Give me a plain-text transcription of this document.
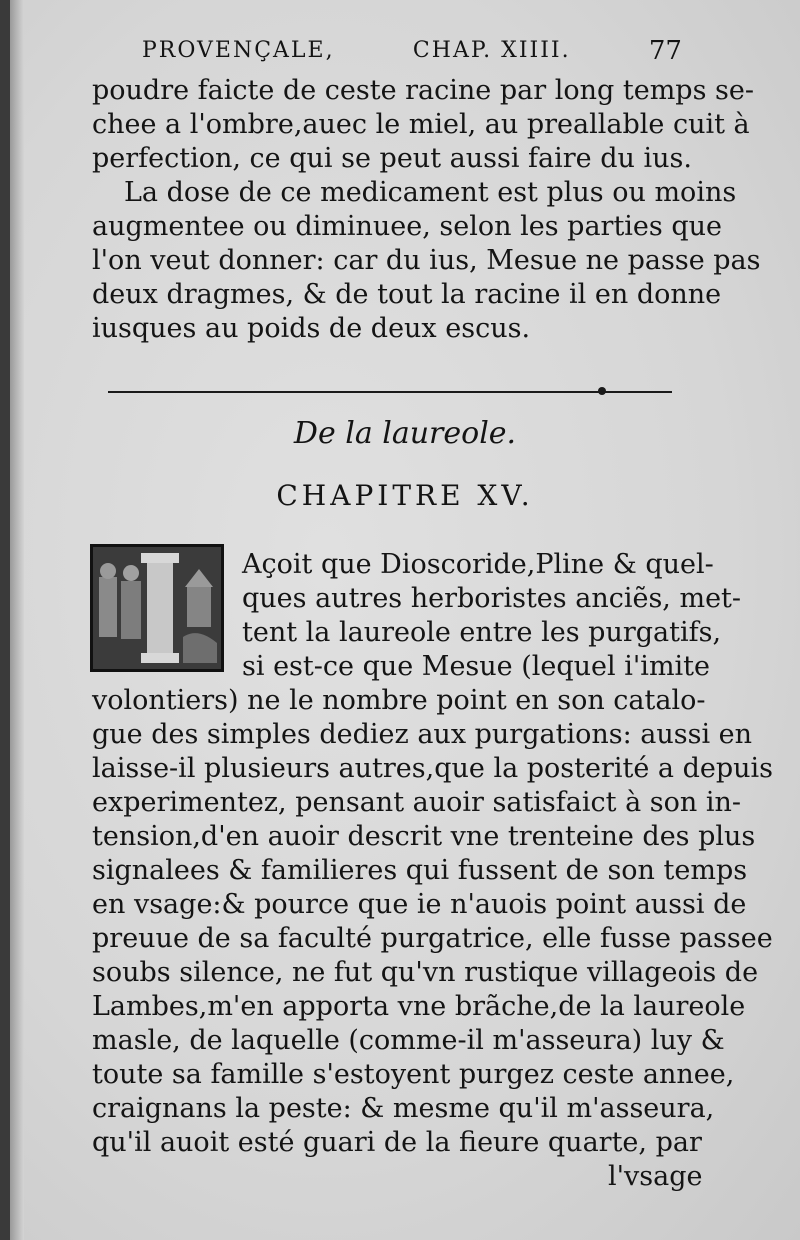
PROVENÇALE,	CHAP. XIIII.	77
poudre faicte de ceste racine par long temps se-
chee a l'ombre,auec le miel, au preallable cuit à
perfection, ce qui se peut aussi faire du ius.
La dose de ce medicament est plus ou moins
augmentee ou diminuee, selon les parties que
l'on veut donner: car du ius, Mesue ne passe pas
deux dragmes, & de tout la racine il en donne
iusques au poids de deux escus.
De la laureole.
CHAPITRE XV.
Açoit que Dioscoride,Pline & quel-
ques autres herboristes anciẽs, met-
tent la laureole entre les purgatifs,
si est-ce que Mesue (lequel i'imite
volontiers) ne le nombre point en son catalo-
gue des simples dediez aux purgations: aussi en
laisse-il plusieurs autres,que la posterité a depuis
experimentez, pensant auoir satisfaict à son in-
tension,d'en auoir descrit vne trenteine des plus
signalees & familieres qui fussent de son temps
en vsage:& pource que ie n'auois point aussi de
preuue de sa faculté purgatrice, elle fusse passee
soubs silence, ne fut qu'vn rustique villageois de
Lambes,m'en apporta vne brãche,de la laureole
masle, de laquelle (comme-il m'asseura) luy &
toute sa famille s'estoyent purgez ceste annee,
craignans la peste: & mesme qu'il m'asseura,
qu'il auoit esté guari de la fieure quarte, par
l'vsage
